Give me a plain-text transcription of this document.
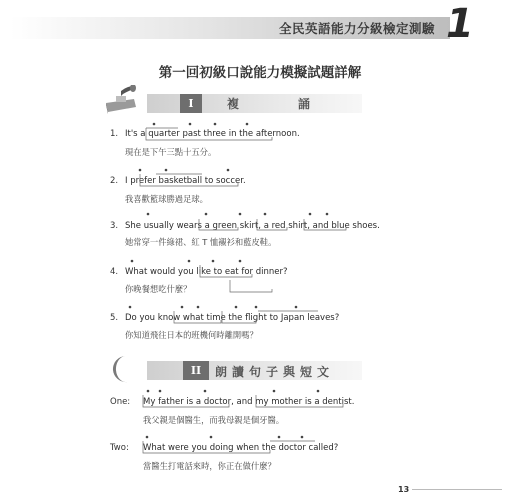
全民英語能力分級檢定測驗 1
第一回初級口說能力模擬試題詳解
I	複	誦
1. It's a quarter past three in the afternoon.
現在是下午三點十五分。
2. I prefer basketball to soccer.
我喜歡籃球勝過足球。
3. She usually wears a green skirt, a red shirt, and blue shoes.
她常穿一件綠裙、紅 T 恤襯衫和藍皮鞋。
4. What would you like to eat for dinner?
你晚餐想吃什麼？
5. Do you know what time the flight to Japan leaves?
你知道飛往日本的班機何時離開嗎？
II	朗讀句子與短文
One: My father is a doctor, and my mother is a dentist.
我父親是個醫生，而我母親是個牙醫。
Two: What were you doing when the doctor called?
當醫生打電話來時，你正在做什麼？
13
